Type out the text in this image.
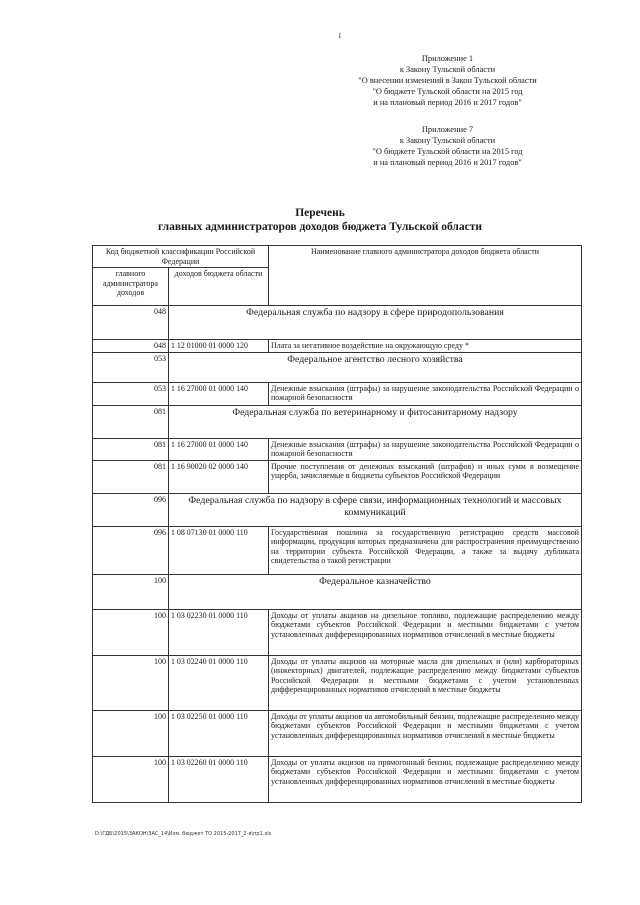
1
Приложение 1
к Закону Тульской области
"О внесении изменений в Закон Тульской области
"О бюджете Тульской области на 2015 год
и на плановый период 2016 и 2017 годов"
Приложение 7
к Закону Тульской области
"О бюджете Тульской области на 2015 год
и на плановый период 2016 и 2017 годов"
Перечень
главных администраторов доходов бюджета Тульской области
Код бюджетной классификации Российской Федерации		Наименование главного администратора доходов бюджета области
главного администратора доходов	доходов бюджета области	
048	Федеральная служба по надзору в сфере природопользования	
048	1 12 01000 01 0000 120	Плата за негативное воздействие на окружающую среду *
053	Федеральное агентство лесного хозяйства	
053	1 16 27000 01 0000 140	Денежные взыскания (штрафы) за нарушение законодательства Российской Федерации о пожарной безопасности
081	Федеральная служба по ветеринарному и фитосанитарному надзору	
081	1 16 27000 01 0000 140	Денежные взыскания (штрафы) за нарушение законодательства Российской Федерации о пожарной безопасности
081	1 16 90020 02 0000 140	Прочие поступления от денежных взысканий (штрафов) и иных сумм в возмещение ущерба, зачисляемые в бюджеты субъектов Российской Федерации
096	Федеральная служба по надзору в сфере связи, информационных технологий и массовых коммуникаций	
096	1 08 07130 01 0000 110	Государственная пошлина за государственную регистрацию средств массовой информации, продукция которых предназначена для распространения преимущественно на территории субъекта Российской Федерации, а также за выдачу дубликата свидетельства о такой регистрации
100	Федеральное казначейство	
100	1 03 02230 01 0000 110	Доходы от уплаты акцизов на дизельное топливо, подлежащие распределению между бюджетами субъектов Российской Федерации и местными бюджетами с учетом установленных дифференцированных нормативов отчислений в местные бюджеты
100	1 03 02240 01 0000 110	Доходы от уплаты акцизов на моторные масла для дизельных и (или) карбюраторных (инжекторных) двигателей, подлежащие распределению между бюджетами субъектов Российской Федерации и местными бюджетами с учетом установленных дифференцированных нормативов отчислений в местные бюджеты
100	1 03 02250 01 0000 110	Доходы от уплаты акцизов на автомобильный бензин, подлежащие распределению между бюджетами субъектов Российской Федерации и местными бюджетами с учетом установленных дифференцированных нормативов отчислений в местные бюджеты
100	1 03 02260 01 0000 110	Доходы от уплаты акцизов на прямогонный бензин, подлежащие распределению между бюджетами субъектов Российской Федерации и местными бюджетами с учетом установленных дифференцированных нормативов отчислений в местные бюджеты
D:\ГДБ\2015\ЗАКОН\ЗАС_14\Изм. бюджет ТО 2015-2017_2-я\пр1.xls
